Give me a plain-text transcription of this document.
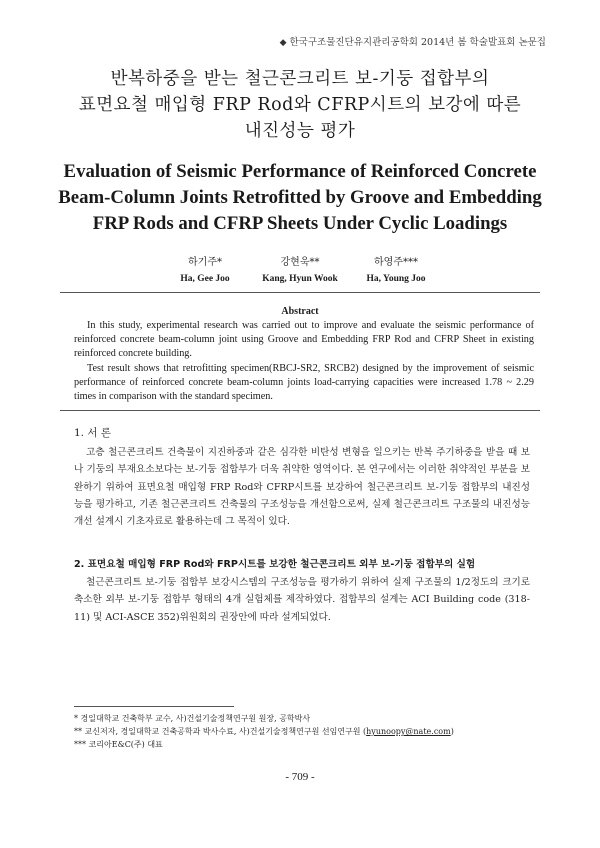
◆ 한국구조물진단유지관리공학회 2014년 봄 학술발표회 논문집
반복하중을 받는 철근콘크리트 보-기둥 접합부의
표면요철 매입형 FRP Rod와 CFRP시트의 보강에 따른
내진성능 평가
Evaluation of Seismic Performance of Reinforced Concrete
Beam-Column Joints Retrofitted by Groove and Embedding
FRP Rods and CFRP Sheets Under Cyclic Loadings
하기주*
Ha, Gee Joo
강현욱**
Kang, Hyun Wook
하영주***
Ha, Young Joo
Abstract

In this study, experimental research was carried out to improve and evaluate the seismic performance of reinforced concrete beam-column joint using Groove and Embedding FRP Rod and CFRP Sheet in existing reinforced concrete building.

Test result shows that retrofitting specimen(RBCJ-SR2, SRCB2) designed by the improvement of seismic performance of reinforced concrete beam-column joints load-carrying capacities were increased 1.78 ~ 2.29 times in comparison with the standard specimen.

1. 서 론

고층 철근콘크리트 건축물이 지진하중과 같은 심각한 비탄성 변형을 일으키는 반복 주기하중을 받을 때 보나 기둥의 부재요소보다는 보-기둥 접합부가 더욱 취약한 영역이다. 본 연구에서는 이러한 취약적인 부분을 보완하기 위하여 표면요철 매입형 FRP Rod와 CFRP시트를 보강하여 철근콘크리트 보-기둥 접합부의 내진성능을 평가하고, 기존 철근콘크리트 건축물의 구조성능을 개선함으로써, 실제 철근콘크리트 구조물의 내진성능개선 설계시 기초자료로 활용하는데 그 목적이 있다.

2. 표면요철 매입형 FRP Rod와 FRP시트를 보강한 철근콘크리트 외부 보-기둥 접합부의 실험

철근콘크리트 보-기둥 접합부 보강시스템의 구조성능을 평가하기 위하여 실제 구조물의 1/2정도의 크기로 축소한 외부 보-기둥 접합부 형태의 4개 실험체를 제작하였다. 접합부의 설계는 ACI Building code (318-11) 및 ACI-ASCE 352)위원회의 권장안에 따라 설계되었다.

* 경일대학교 건축학부 교수, 사)건설기술정책연구원 원장, 공학박사
** 교신저자, 경일대학교 건축공학과 박사수료, 사)건설기술정책연구원 선임연구원 (hyunoopy@nate.com)
*** 코리아E&C(주) 대표
- 709 -
